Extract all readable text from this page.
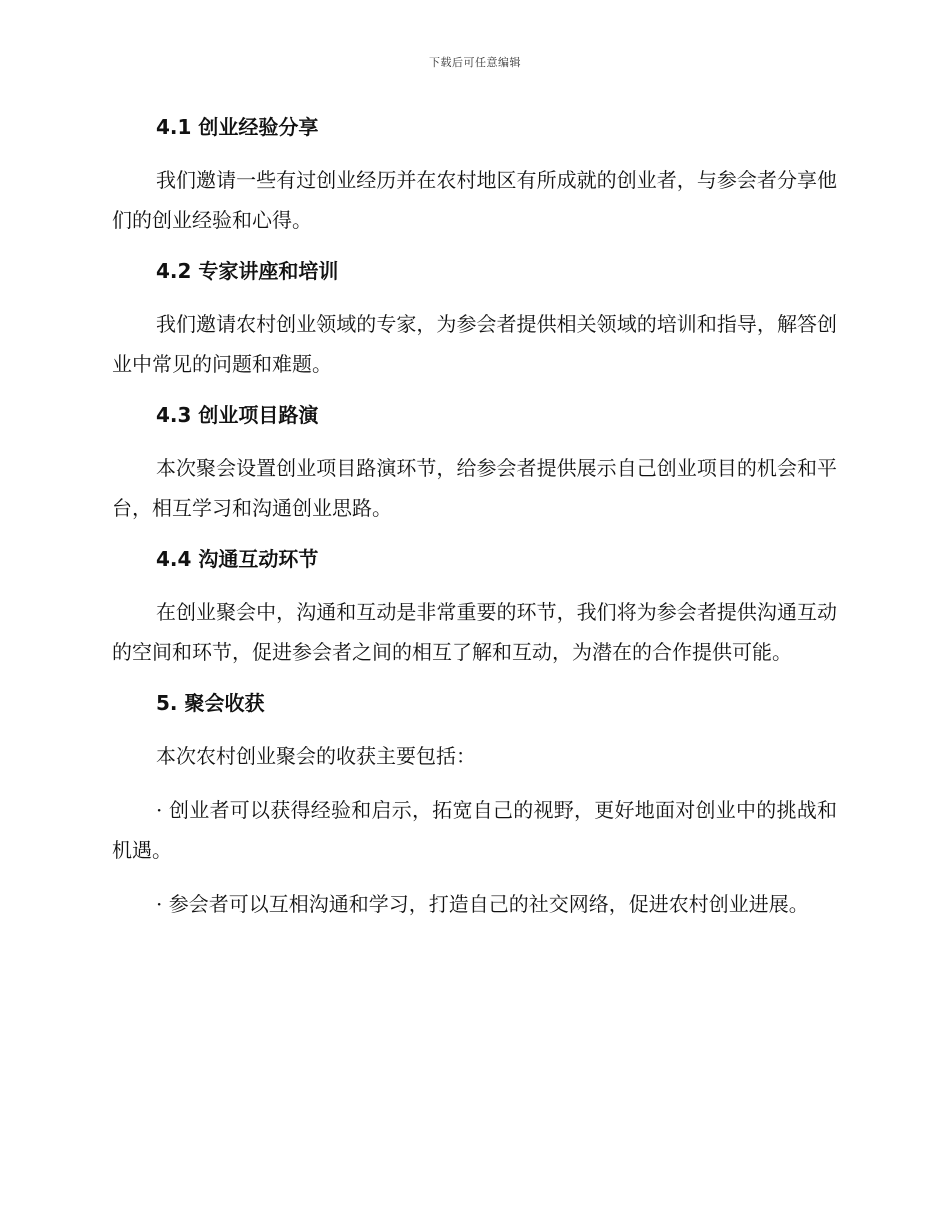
下载后可任意编辑
4.1 创业经验分享

我们邀请一些有过创业经历并在农村地区有所成就的创业者，与参会者分享他们的创业经验和心得。

4.2 专家讲座和培训

我们邀请农村创业领域的专家，为参会者提供相关领域的培训和指导，解答创业中常见的问题和难题。

4.3 创业项目路演

本次聚会设置创业项目路演环节，给参会者提供展示自己创业项目的机会和平台，相互学习和沟通创业思路。

4.4 沟通互动环节

在创业聚会中，沟通和互动是非常重要的环节，我们将为参会者提供沟通互动的空间和环节，促进参会者之间的相互了解和互动，为潜在的合作提供可能。

5. 聚会收获

本次农村创业聚会的收获主要包括：

· 创业者可以获得经验和启示，拓宽自己的视野，更好地面对创业中的挑战和机遇。

· 参会者可以互相沟通和学习，打造自己的社交网络，促进农村创业进展。
